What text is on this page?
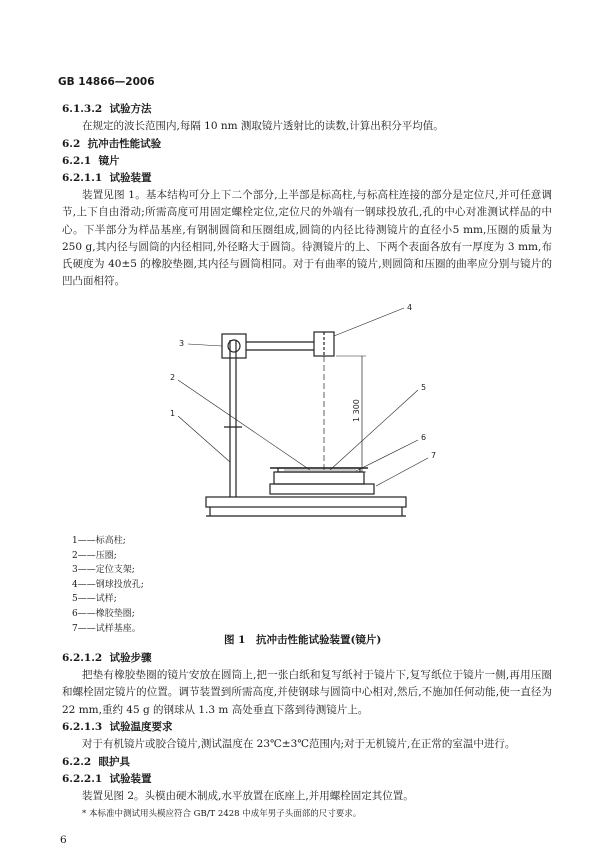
GB 14866—2006
6.1.3.2 试验方法
在规定的波长范围内,每隔 10 nm 测取镜片透射比的读数,计算出积分平均值。
6.2 抗冲击性能试验
6.2.1 镜片
6.2.1.1 试验装置
装置见图 1。基本结构可分上下二个部分,上半部是标高柱,与标高柱连接的部分是定位尺,并可任意调节,上下自由滑动;所需高度可用固定螺栓定位,定位尺的外端有一钢球投放孔,孔的中心对准测试样品的中心。下半部分为样品基座,有钢制圆筒和压圈组成,圆筒的内径比待测镜片的直径小5 mm,压圈的质量为 250 g,其内径与圆筒的内径相同,外径略大于圆筒。待测镜片的上、下两个表面各放有一厚度为 3 mm,布氏硬度为 40±5 的橡胶垫圈,其内径与圆筒相同。对于有曲率的镜片,则圆筒和压圈的曲率应分别与镜片的凹凸面相符。
3
4
2
1
5
6
7
1 300
1——标高柱;
2——压圈;
3——定位支架;
4——钢球投放孔;
5——试样;
6——橡胶垫圈;
7——试样基座。
图 1　抗冲击性能试验装置(镜片)
6.2.1.2 试验步骤
把垫有橡胶垫圈的镜片安放在圆筒上,把一张白纸和复写纸衬于镜片下,复写纸位于镜片一侧,再用压圈和螺栓固定镜片的位置。调节装置到所需高度,并使钢球与圆筒中心相对,然后,不施加任何动能,使一直径为 22 mm,重约 45 g 的钢球从 1.3 m 高处垂直下落到待测镜片上。
6.2.1.3 试验温度要求
对于有机镜片或胶合镜片,测试温度在 23℃±3℃范围内;对于无机镜片,在正常的室温中进行。
6.2.2 眼护具
6.2.2.1 试验装置
装置见图 2。头模由硬木制成,水平放置在底座上,并用螺栓固定其位置。
* 本标准中测试用头模应符合 GB/T 2428 中成年男子头面部的尺寸要求。
6
